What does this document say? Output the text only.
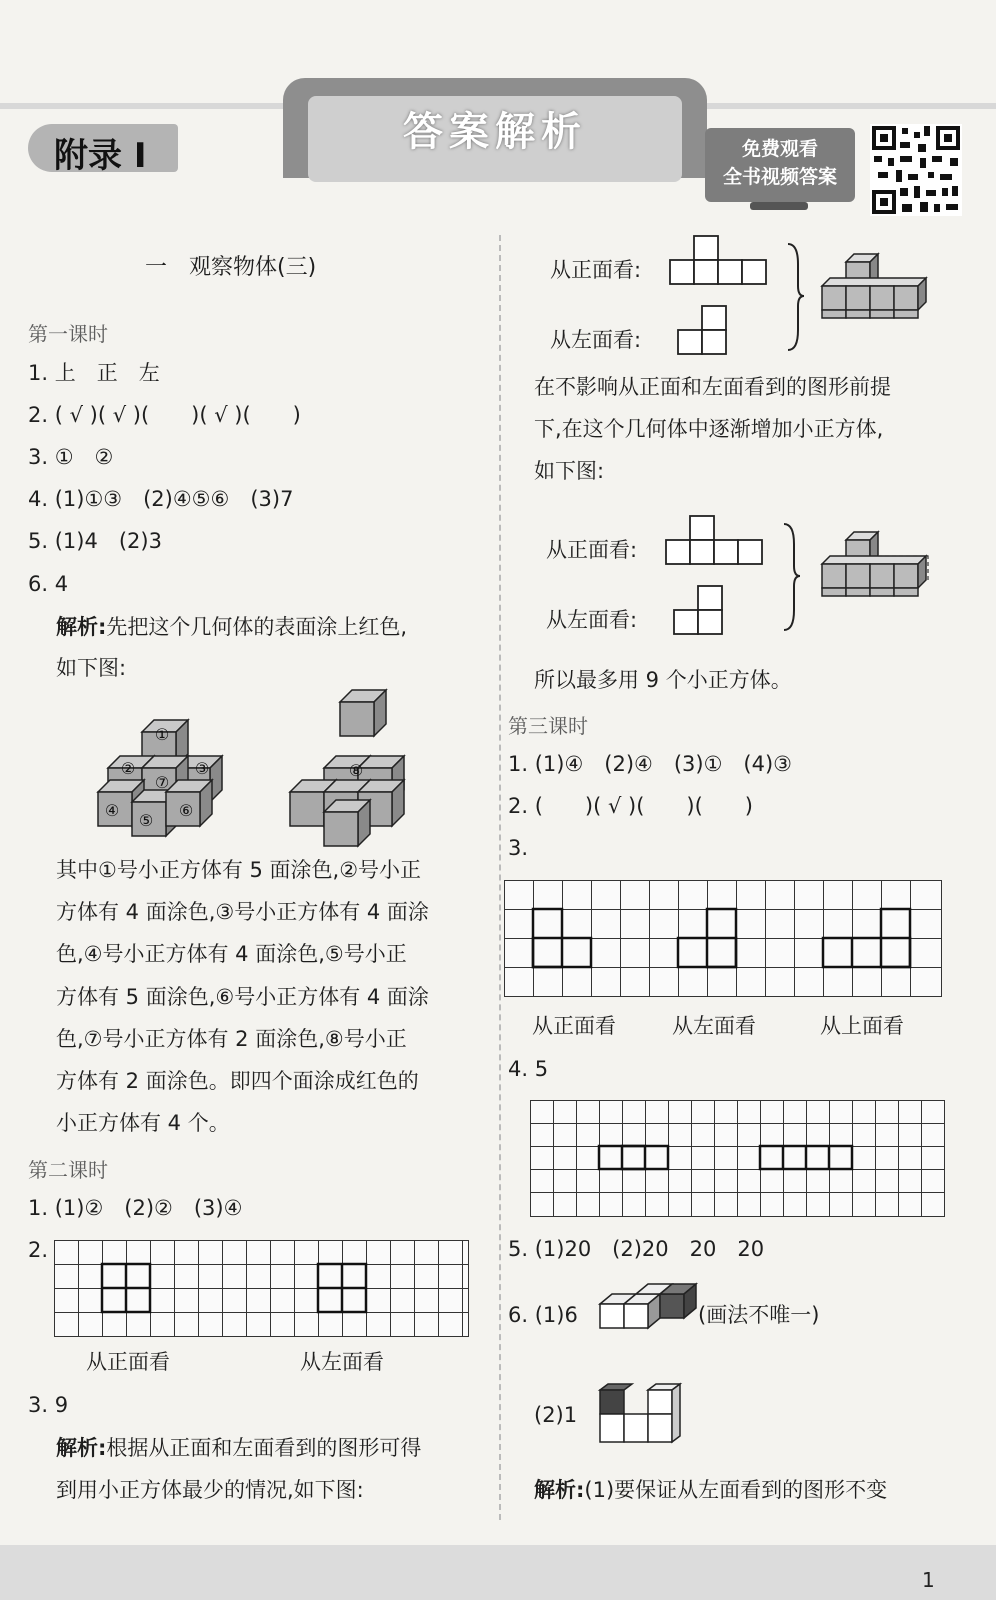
答案解析
附录 I	免费观看
全书视频答案
一　观察物体(三)
第一课时
1. 上　正　左
2. ( √ )( √ )(　　)( √ )(　　)
3. ①　②
4. (1)①③　(2)④⑤⑥　(3)7
5. (1)4　(2)3
6. 4
解析:先把这个几何体的表面涂上红色,
如下图:
①
②	③
⑦
④
⑤
⑥
⑧
其中①号小正方体有 5 面涂色,②号小正
方体有 4 面涂色,③号小正方体有 4 面涂
色,④号小正方体有 4 面涂色,⑤号小正
方体有 5 面涂色,⑥号小正方体有 4 面涂
色,⑦号小正方体有 2 面涂色,⑧号小正
方体有 2 面涂色。即四个面涂成红色的
小正方体有 4 个。
第二课时
1. (1)②　(2)②　(3)④
2.
从正面看	从左面看
3. 9
解析:根据从正面和左面看到的图形可得
到用小正方体最少的情况,如下图:
从正面看:
从左面看:
在不影响从正面和左面看到的图形前提
下,在这个几何体中逐渐增加小正方体,
如下图:
从正面看:
从左面看:
所以最多用 9 个小正方体。
第三课时
1. (1)④　(2)④　(3)①　(4)③
2. (　　)( √ )(　　)(　　)
3.
从正面看	从左面看	从上面看
4. 5
5. (1)20　(2)20　20　20
6. (1)6	(画法不唯一)
(2)1
解析:(1)要保证从左面看到的图形不变
1
